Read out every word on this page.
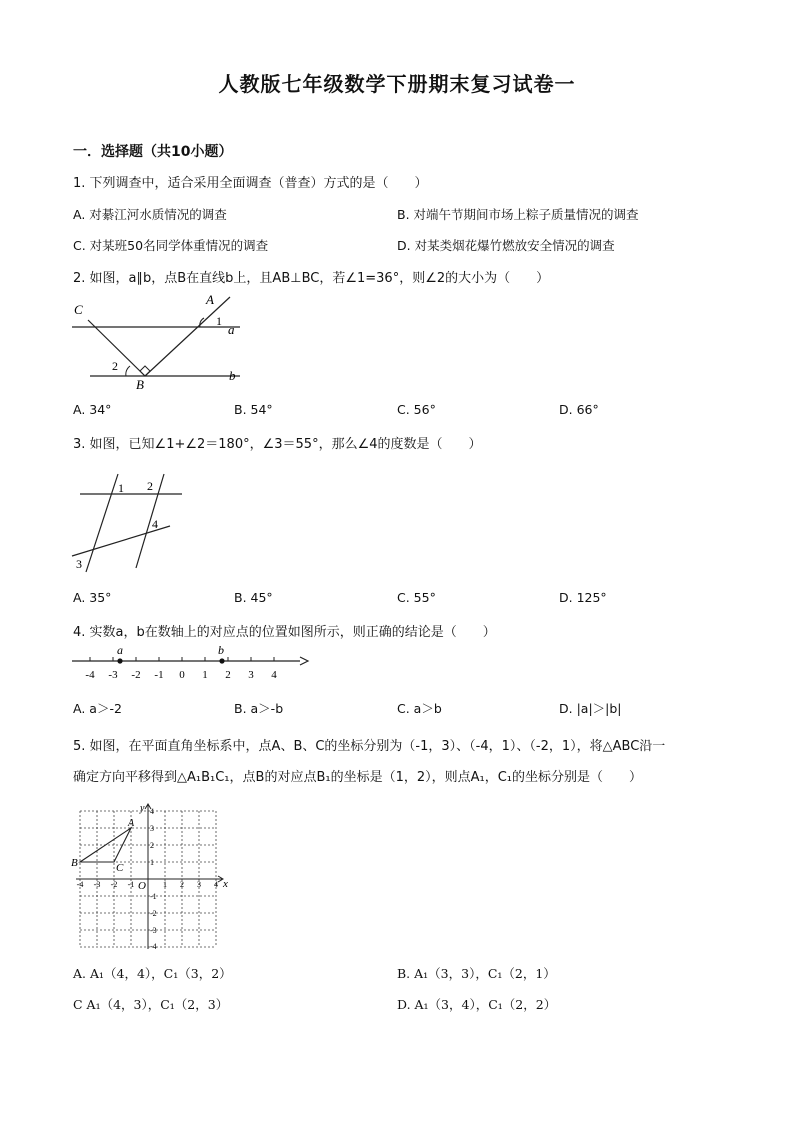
人教版七年级数学下册期末复习试卷一
一．选择题（共10小题）
1. 下列调查中，适合采用全面调查（普查）方式的是（　　）
A. 对綦江河水质情况的调查	B. 对端午节期间市场上粽子质量情况的调查
C. 对某班50名同学体重情况的调查	D. 对某类烟花爆竹燃放安全情况的调查
2. 如图，a∥b，点B在直线b上，且AB⊥BC，若∠1=36°，则∠2的大小为（　　）
C
A
1
a
2
B
b
A. 34°	B. 54°	C. 56°	D. 66°
3. 如图，已知∠1+∠2＝180°，∠3＝55°，那么∠4的度数是（　　）
1 2
4
3
A. 35°	B. 45°	C. 55°	D. 125°
4. 实数a，b在数轴上的对应点的位置如图所示，则正确的结论是（　　）
a	b
-4 -3 -2 -1 0 1 2 3 4
A. a＞-2	B. a＞-b	C. a＞b	D. |a|＞|b|
5. 如图，在平面直角坐标系中，点A、B、C的坐标分别为（-1，3）、（-4，1）、（-2，1），将△ABC沿一
确定方向平移得到△A₁B₁C₁，点B的对应点B₁的坐标是（1，2），则点A₁，C₁的坐标分别是（　　）
A
B	C
O	x
y
-4 -3 -2 -1	1 2 3 4
4
3
2
1
-1
-2
-3
-4
A. A₁（4，4），C₁（3，2）	B. A₁（3，3），C₁（2，1）
C A₁（4，3），C₁（2，3）	D. A₁（3，4），C₁（2，2）
